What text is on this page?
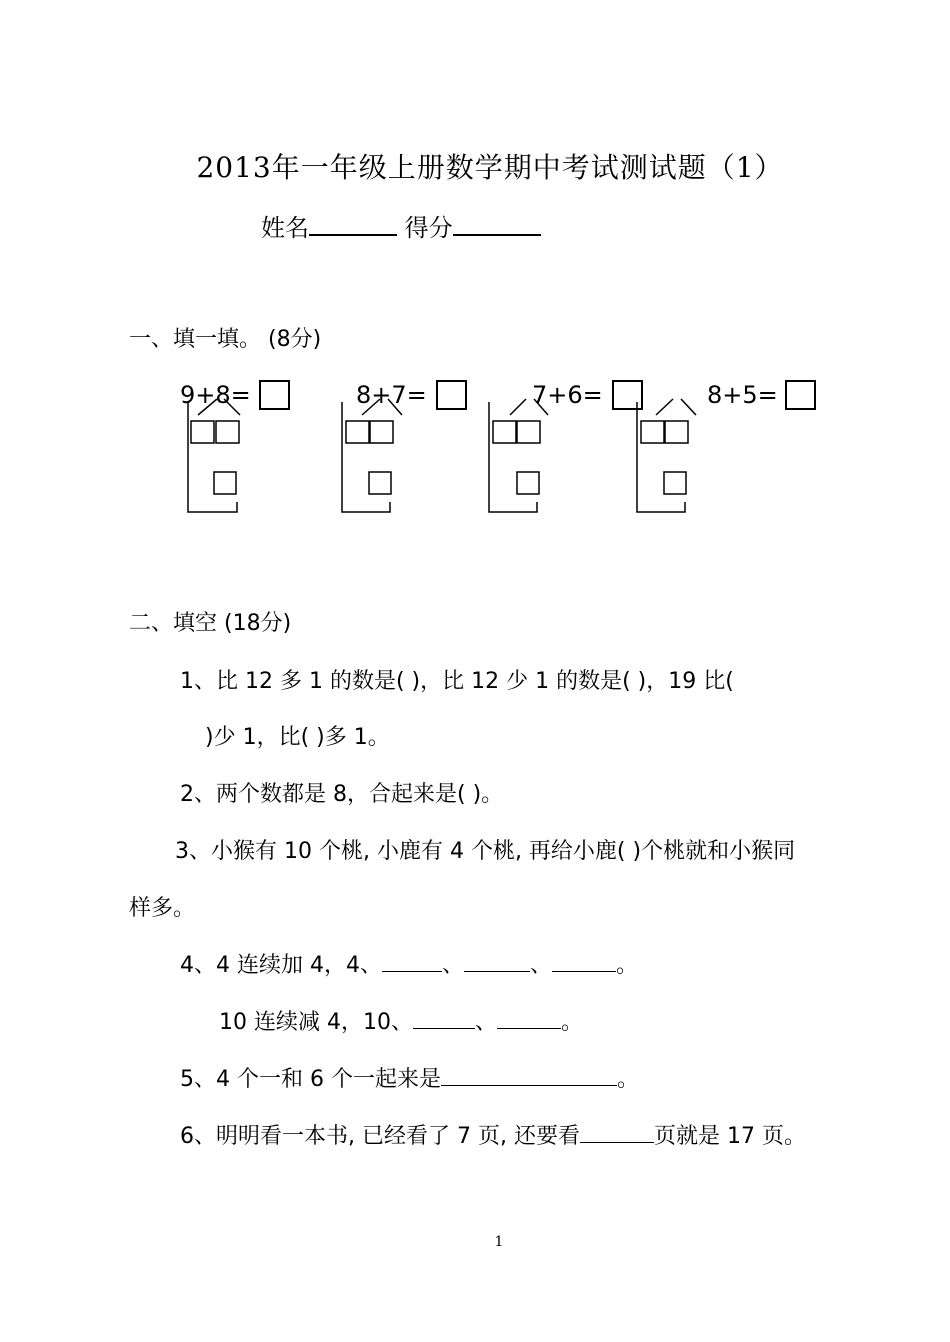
2013年一年级上册数学期中考试测试题（1）
姓名	得分
一、填一填。 (8分)
9+8=	8+7=	7+6=	8+5=
二、填空 (18分)
1、比 12 多 1 的数是( )，比 12 少 1 的数是( )，19 比(
)少 1，比( )多 1。
2、两个数都是 8，合起来是( )。
3、小猴有 10 个桃, 小鹿有 4 个桃, 再给小鹿( )个桃就和小猴同
样多。
4、4 连续加 4，4、	、	、	。
10 连续减 4，10、	、	。
5、4 个一和 6 个一起来是	。
6、明明看一本书, 已经看了 7 页, 还要看	页就是 17 页。
1
